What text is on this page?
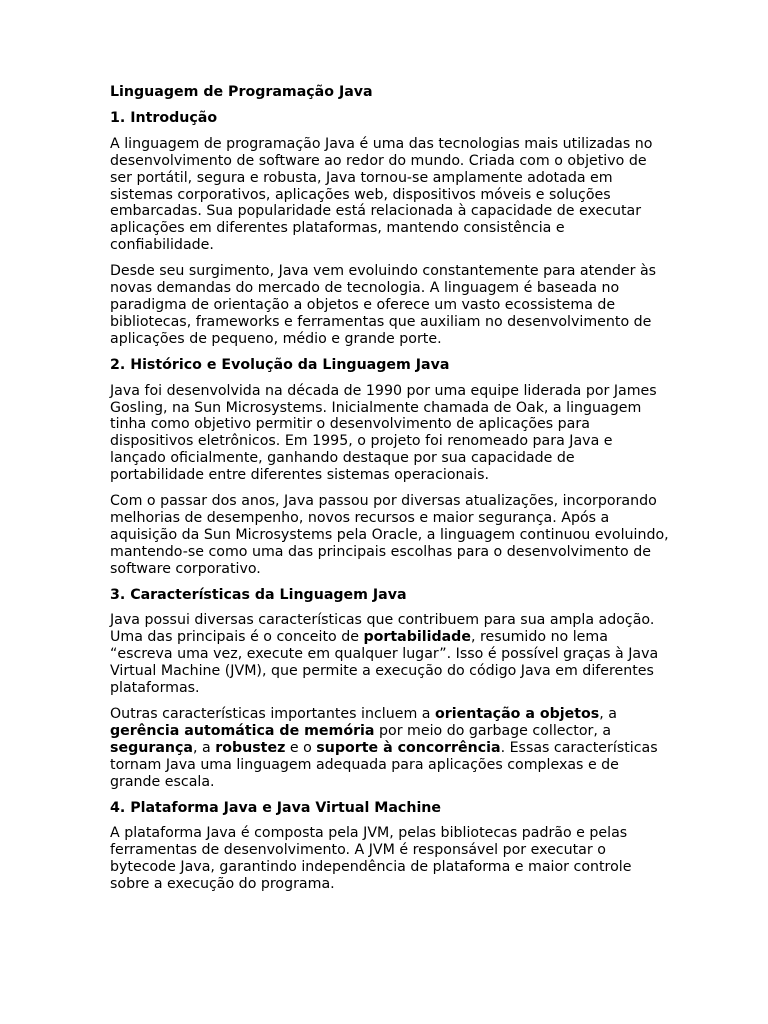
Linguagem de Programação Java
1. Introdução

A linguagem de programação Java é uma das tecnologias mais utilizadas no desenvolvimento de software ao redor do mundo. Criada com o objetivo de ser portátil, segura e robusta, Java tornou-se amplamente adotada em sistemas corporativos, aplicações web, dispositivos móveis e soluções embarcadas. Sua popularidade está relacionada à capacidade de executar aplicações em diferentes plataformas, mantendo consistência e confiabilidade.

Desde seu surgimento, Java vem evoluindo constantemente para atender às novas demandas do mercado de tecnologia. A linguagem é baseada no paradigma de orientação a objetos e oferece um vasto ecossistema de bibliotecas, frameworks e ferramentas que auxiliam no desenvolvimento de aplicações de pequeno, médio e grande porte.

2. Histórico e Evolução da Linguagem Java

Java foi desenvolvida na década de 1990 por uma equipe liderada por James Gosling, na Sun Microsystems. Inicialmente chamada de Oak, a linguagem tinha como objetivo permitir o desenvolvimento de aplicações para dispositivos eletrônicos. Em 1995, o projeto foi renomeado para Java e lançado oficialmente, ganhando destaque por sua capacidade de portabilidade entre diferentes sistemas operacionais.

Com o passar dos anos, Java passou por diversas atualizações, incorporando melhorias de desempenho, novos recursos e maior segurança. Após a aquisição da Sun Microsystems pela Oracle, a linguagem continuou evoluindo, mantendo-se como uma das principais escolhas para o desenvolvimento de software corporativo.

3. Características da Linguagem Java

Java possui diversas características que contribuem para sua ampla adoção. Uma das principais é o conceito de portabilidade, resumido no lema “escreva uma vez, execute em qualquer lugar”. Isso é possível graças à Java Virtual Machine (JVM), que permite a execução do código Java em diferentes plataformas.

Outras características importantes incluem a orientação a objetos, a gerência automática de memória por meio do garbage collector, a segurança, a robustez e o suporte à concorrência. Essas características tornam Java uma linguagem adequada para aplicações complexas e de grande escala.

4. Plataforma Java e Java Virtual Machine

A plataforma Java é composta pela JVM, pelas bibliotecas padrão e pelas ferramentas de desenvolvimento. A JVM é responsável por executar o bytecode Java, garantindo independência de plataforma e maior controle sobre a execução do programa.
